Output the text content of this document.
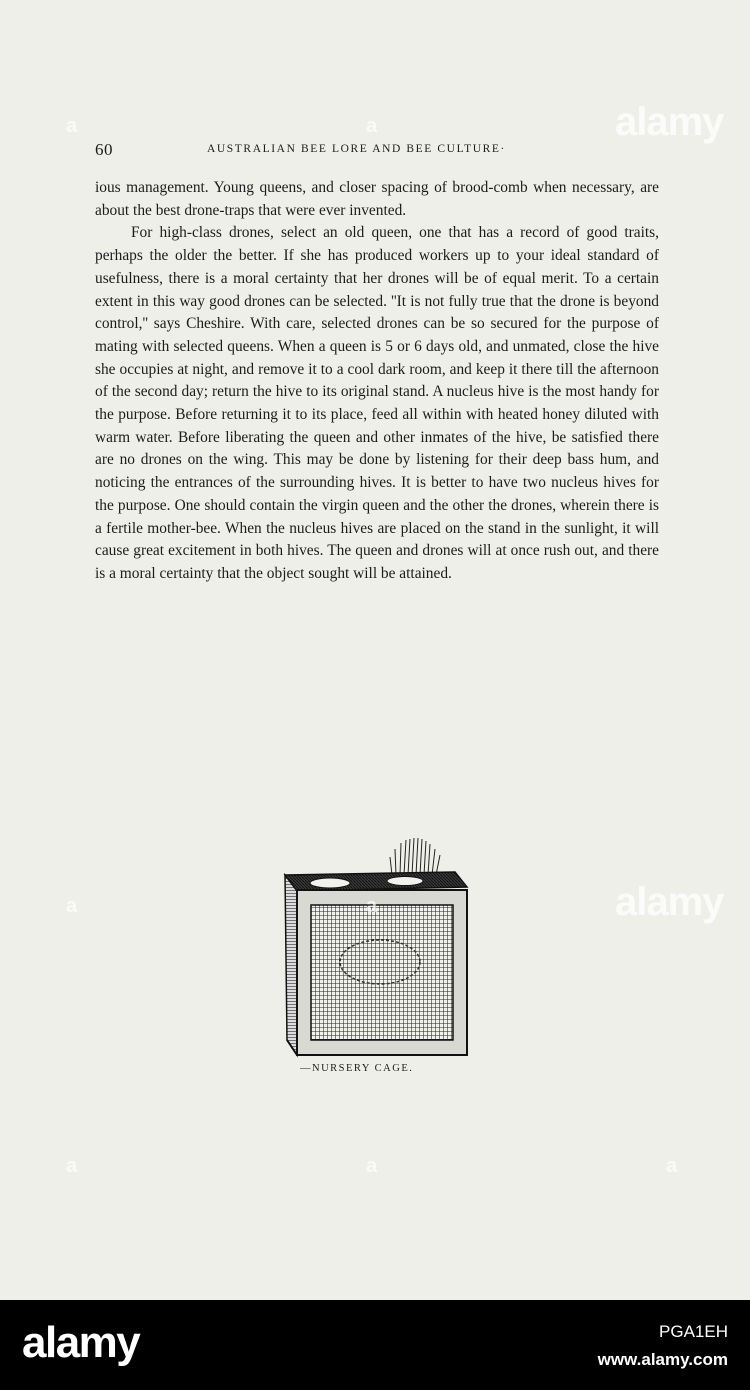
60	AUSTRALIAN BEE LORE AND BEE CULTURE·

ious management. Young queens, and closer spacing of brood-comb when necessary, are about the best drone-traps that were ever invented.

For high-class drones, select an old queen, one that has a record of good traits, perhaps the older the better. If she has produced workers up to your ideal standard of usefulness, there is a moral certainty that her drones will be of equal merit. To a certain extent in this way good drones can be selected. ''It is not fully true that the drone is beyond control,'' says Cheshire. With care, selected drones can be so secured for the purpose of mating with selected queens. When a queen is 5 or 6 days old, and unmated, close the hive she occupies at night, and remove it to a cool dark room, and keep it there till the afternoon of the second day; return the hive to its original stand. A nucleus hive is the most handy for the purpose. Before returning it to its place, feed all within with heated honey diluted with warm water. Before liberating the queen and other inmates of the hive, be satisfied there are no drones on the wing. This may be done by listening for their deep bass hum, and noticing the entrances of the surrounding hives. It is better to have two nucleus hives for the purpose. One should contain the virgin queen and the other the drones, wherein there is a fertile mother-bee. When the nucleus hives are placed on the stand in the sunlight, it will cause great excitement in both hives. The queen and drones will at once rush out, and there is a moral certainty that the object sought will be attained.

—NURSERY CAGE.
alamy
alamy
a	a
a	a
a	a	a
alamy	PGA1EH
www.alamy.com
